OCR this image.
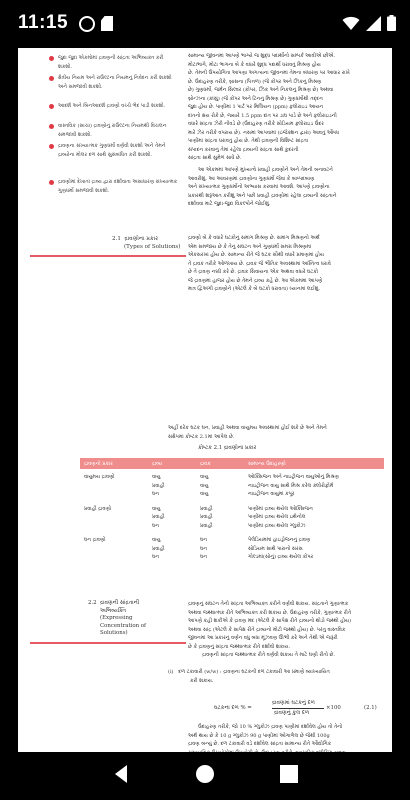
11:15
જુદા જુદા એકમોમાં દ્રાવણની સાંદ્રતા અભિવ્યક્ત કરી શકશો.
ક્ષેત્રીય નિયમ અને રાઉલ્ટના નિયમનું નિવેદન કરી શકશો અને સમજાવી શકશો.
આદર્શ અને બિનઆદર્શ દ્રાવણો વચ્ચે ભેદ પાડી શકશો.
વાસ્તવિક (સાચા) દ્રાવણોનું રાઉલ્ટના નિયમથી વિચલન સમજાવી શકશો.
દ્રાવણના સંખ્યાત્મક ગુણધર્મો વર્ણવી શકશો અને તેમને દ્રાવ્યોના મોલર દળ સાથે સુસંબંધિત કરી શકશો.
દ્રાવણોમાં દેખાતાં દ્રાવ્ય દ્વારા દર્શાવાતા અસાધારણ સંખ્યાત્મક ગુણધર્મો સમજાવી શકશો.
સામાન્ય જીવનમાં આપણે ભાગ્યે જ શુદ્ધ પદાર્થોનો સમ્પર્ક આવીએ છીએ.
મોટાભાગે, મોટા ભાગના બે કે વધારે શુદ્ધ પદાર્થો ધરાવતું મિશ્રણ હોય
છે. તેમની ઉપયોગિતા આપણા અગત્યના જીવનમાં તેમના બંધારણ પર આધાર રાખે
છે. ઉદાહરણ તરીકે, બ્રાસના (પિત્તળ) (જે કોપર અને ઝિંકનું મિશ્રણ
છે) ગુણધર્મો, જર્મન સિલ્વર (કોપર, ઝિંક અને નિકલનું મિશ્રણ છે) અથવા
બ્રોન્ઝના (કાંસું) (જે કોપર અને ટિનનું મિશ્રણ છે) ગુણધર્મોથી તદ્દન
જુદા હોય છે. પાણીમાં 1 પાર્ટ પર મિલિયન (ppm) ફ્લોરાઇડ આયન
દાંતનો ક્ષય રોકે છે, જ્યારે 1.5 ppm દાંત પર ડાઘ પાડે છે અને ફ્લોરાઇડની
વધારે સાંદ્રતા ઝેરી નીવડે છે (ઉદાહરણ તરીકે સોડિયમ ફ્લોરાઇડ ઉંદર
મારે ઝેર તરીકે વપરાય છે). નસમાં આપવામાં (ઇંજેક્શન દ્વારા) આવતું ઔષધ
પાણીમાં સાંદ્રતા ધરાવતું હોય છે. તેથી દ્રાવણની વિશિષ્ટ સાંદ્રતા
સંપાદન કરવાનું તેમાં રહેલા દ્રાવ્યની સાંદ્રતા સાથે કુદરતી
સાંદ્રતા સાથે સુમેળ સાધે છે.
આ એકમમાં આપણે મુખ્યત્વે પ્રવાહી દ્રાવણોને અને તેમની બનાવટને
આવરીશું. આ આવરણમાં દ્રાવણોના ગુણધર્મો જેવા કે બાષ્પદબાણ
અને સંખ્યાત્મક ગુણધર્મોનો અભ્યાસ કરવામાં આવશે. આપણે દ્રાવણોના
પ્રકારથી શરૂઆત કરીશું અને પછી પ્રવાહી દ્રાવણોમાં રહેલા દ્રાવ્યની સાંદ્રતાને
દર્શાવવા માટે જુદા-જુદા વિકલ્પોને જોઈશું.
2.1 દ્રાવણોના પ્રકાર
(Types of Solutions)
દ્રાવણો બે કે વધારે ઘટકોનું સમાંગ મિશ્રણ છે. સમાંગ મિશ્રણનો અર્થ
એમ સમજાય છે કે તેનું સંઘટન અને ગુણધર્મો સમગ્ર મિશ્રણમાં
એકસરખાં હોય છે. સામાન્ય રીતે જે ઘટક સૌથી વધારે પ્રમાણમાં હોય
તે દ્રાવક તરીકે ઓળખાય છે. દ્રાવક જે ભૌતિક અવસ્થામાં અસ્તિત્વ ધરાવે
છે તે દ્રાવણ નક્કી કરે છે. દ્રાવક સિવાયના એક અથવા વધારે ઘટકો
જે દ્રાવણમાં હાજર હોય છે તેમને દ્રાવ્ય કહે છે. આ એકમમાં આપણે
માત્ર દ્વિઅંગી દ્રાવણોને (એટલે કે બે ઘટકો ધરાવતા) ધ્યાનમાં લઈશું.
અહીં દરેક ઘટક ઘન, પ્રવાહી અથવા વાયુમય અવસ્થામાં હોઈ શકે છે અને તેમને
સંક્ષેપમાં કોષ્ટક 2.1માં આપેલ છે.
કોષ્ટક 2.1 દ્રાવણોના પ્રકાર
દ્રાવણનો પ્રકાર	દ્રાવ્ય	દ્રાવક	સામાન્ય ઉદાહરણો
વાયુમય દ્રાવણો	વાયુ	વાયુ	ઓક્સિજન અને નાઇટ્રોજન વાયુઓનું મિશ્રણ
	પ્રવાહી	વાયુ	નાઇટ્રોજન વાયુ સાથે મિશ્ર કરેલ ક્લોરોફોર્મ
	ઘન	વાયુ	નાઇટ્રોજન વાયુમાં કપૂર

પ્રવાહી દ્રાવણો	વાયુ	પ્રવાહી	પાણીમાં દ્રાવ્ય થયેલ ઓક્સિજન
	પ્રવાહી	પ્રવાહી	પાણીમાં દ્રાવ્ય થયેલ ઇથેનોલ
	ઘન	પ્રવાહી	પાણીમાં દ્રાવ્ય થયેલ ગ્લુકોઝ

ઘન દ્રાવણો	વાયુ	ઘન	પેલેડિયમમાં હાઇડ્રોજનનું દ્રાવણ
	પ્રવાહી	ઘન	સોડિયમ સાથે પારાનો સંરસ
	ઘન	ઘન	ગોલ્ડમાં(સોનું) દ્રાવ્ય થયેલ કોપર
2.2 દ્રાવણની સાંદ્રતાની
અભિવ્યક્તિ
(Expressing
Concentration of
Solutions)
દ્રાવણનું સંઘટન તેની સાંદ્રતા અભિવ્યક્ત કરીને વર્ણવી શકાય. સાંદ્રતાને ગુણાત્મક
અથવા જથ્થાત્મક રીતે અભિવ્યક્ત કરી શકાય છે. ઉદાહરણ તરીકે, ગુણાત્મક રીતે
આપણે કહી શકીએ કે દ્રાવણ મંદ (એટલે કે સાપેક્ષ રીતે દ્રાવ્યનો થોડો જથ્થો હોય)
અથવા સાંદ્ર (એટલે કે સાપેક્ષ રીતે દ્રાવ્યનો મોટો જથ્થો હોય) છે. પરંતુ વાસ્તવિક
જીવનમાં આ પ્રકારનું વર્ણન વધુ બધા મૂંઝવણ ઊભી કરે અને તેથી એ જરૂરી
છે કે દ્રાવણનું સાંદ્રતા જથ્થાત્મક રીતે દર્શાવી શકાય.
દ્રાવણની સાંદ્રતા જથ્થાત્મક રીતે વર્ણવી શકાય તે માટે ઘણી રીતો છે.
(i) દળ ટકાવારી (w/w) : દ્રાવણના ઘટકની દળ ટકાવારી આ પ્રમાણે વ્યાખ્યાયિત
કરી શકાય.
ઘટકના દળ % =
દ્રાવણમાં ઘટકનું દળ
દ્રાવણનું કુલ દળ
×100	(2.1)
ઉદાહરણ તરીકે, જો 10 % ગ્લુકોઝ દ્રાવણ પાણીમાં દર્શાવેલ હોય તો તેનો
અર્થ થાય છે કે 10 g ગ્લુકોઝ 90 g પાણીમાં ઓગાળેલ છે જેથી 100g
દ્રાવણ બન્યું છે. દળ ટકાવારી વડે દર્શાવેલ સાંદ્રતા સામાન્ય રીતે ઔદ્યોગિક
